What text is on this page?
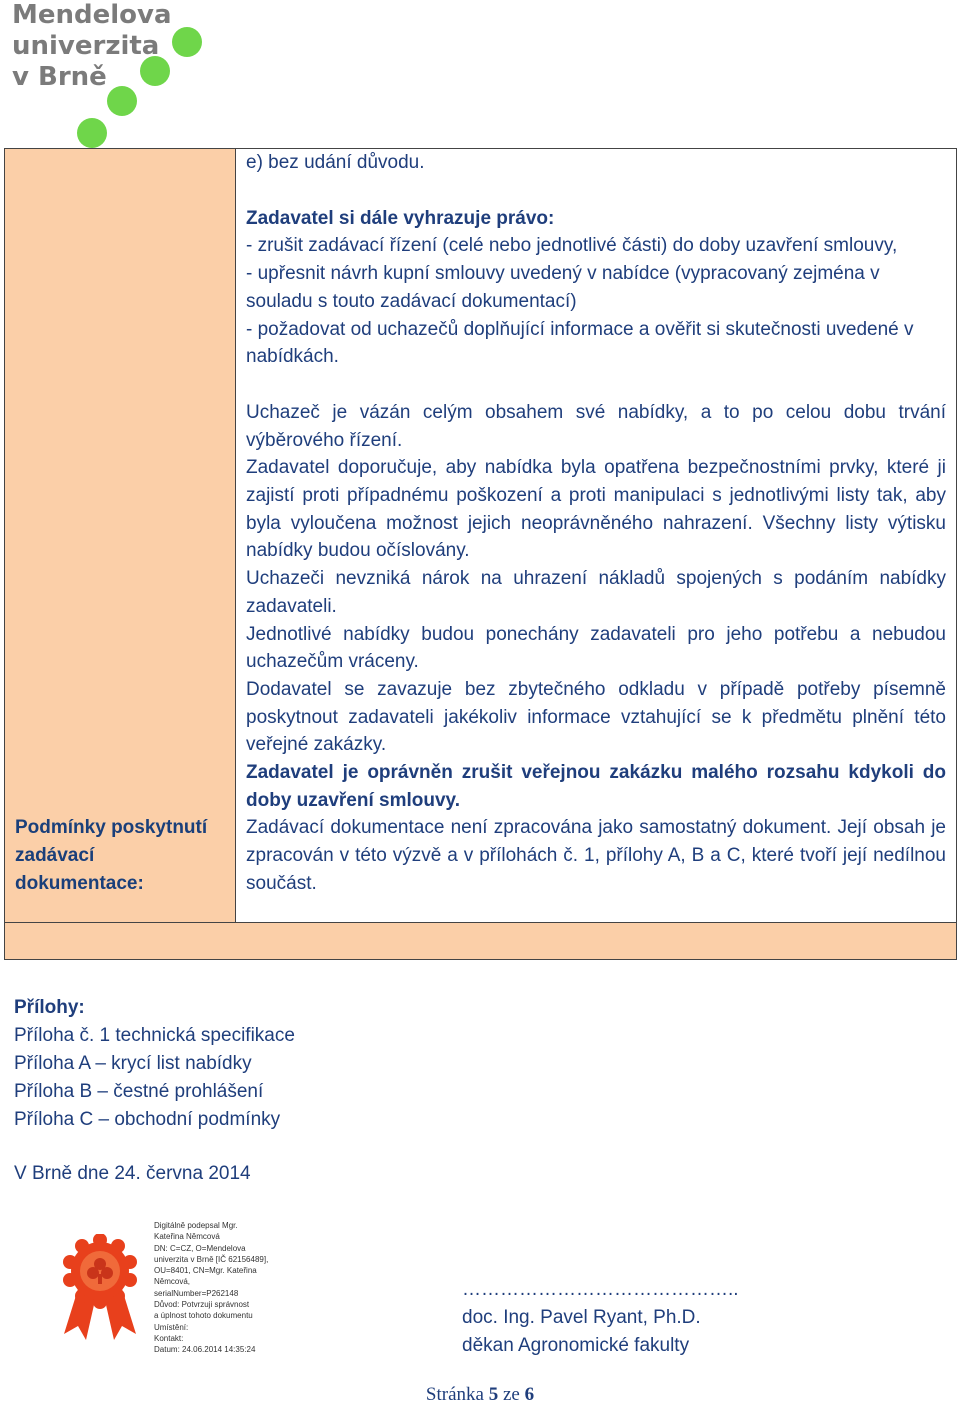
Mendelova
univerzita
v Brně
Podmínky poskytnutí zadávací dokumentace:	

e) bez udání důvodu.

Zadavatel si dále vyhrazuje právo:

- zrušit zadávací řízení (celé nebo jednotlivé části) do doby uzavření smlouvy,

- upřesnit návrh kupní smlouvy uvedený v nabídce (vypracovaný zejména v souladu s touto zadávací dokumentací)

- požadovat od uchazečů doplňující informace a ověřit si skutečnosti uvedené v nabídkách.

Uchazeč je vázán celým obsahem své nabídky, a to po celou dobu trvání výběrového řízení.

Zadavatel doporučuje, aby nabídka byla opatřena bezpečnostními prvky, které ji zajistí proti případnému poškození a proti manipulaci s jednotlivými listy tak, aby byla vyloučena možnost jejich neoprávněného nahrazení. Všechny listy výtisku nabídky budou očíslovány.

Uchazeči nevzniká nárok na uhrazení nákladů spojených s podáním nabídky zadavateli.

Jednotlivé nabídky budou ponechány zadavateli pro jeho potřebu a nebudou uchazečům vráceny.

Dodavatel se zavazuje bez zbytečného odkladu v případě potřeby písemně poskytnout zadavateli jakékoliv informace vztahující se k předmětu plnění této veřejné zakázky.

Zadavatel je oprávněn zrušit veřejnou zakázku malého rozsahu kdykoli do doby uzavření smlouvy.

Zadávací dokumentace není zpracována jako samostatný dokument. Její obsah je zpracován v této výzvě a v přílohách č. 1, přílohy A, B a C, které tvoří její nedílnou součást.

Přílohy:

Příloha č. 1 technická specifikace

Příloha A – krycí list nabídky

Příloha B – čestné prohlášení

Příloha C – obchodní podmínky

V Brně dne 24. června 2014

Digitálně podepsal Mgr.

Kateřina Němcová

DN: C=CZ, O=Mendelova

univerzita v Brně [IČ 62156489],

OU=8401, CN=Mgr. Kateřina

Němcová,

serialNumber=P262148

Důvod: Potvrzuji správnost

a úplnost tohoto dokumentu

Umístění:

Kontakt:

Datum: 24.06.2014 14:35:24

……………………………………..

doc. Ing. Pavel Ryant, Ph.D.

děkan Agronomické fakulty

Stránka 5 ze 6
